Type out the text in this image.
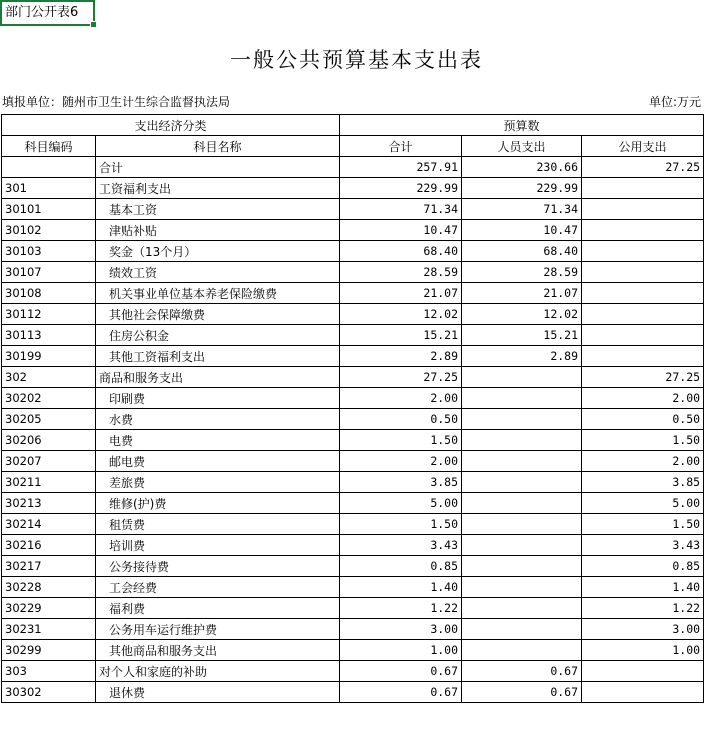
部门公开表6
一般公共预算基本支出表
填报单位：随州市卫生计生综合监督执法局	单位:万元
支出经济分类		预算数		
科目编码	科目名称	合计	人员支出	公用支出
	合计	257.91	230.66	27.25
301	工资福利支出	229.99	229.99	
30101	基本工资	71.34	71.34	
30102	津贴补贴	10.47	10.47	
30103	奖金（13个月）	68.40	68.40	
30107	绩效工资	28.59	28.59	
30108	机关事业单位基本养老保险缴费	21.07	21.07	
30112	其他社会保障缴费	12.02	12.02	
30113	住房公积金	15.21	15.21	
30199	其他工资福利支出	2.89	2.89	
302	商品和服务支出	27.25		27.25
30202	印刷费	2.00		2.00
30205	水费	0.50		0.50
30206	电费	1.50		1.50
30207	邮电费	2.00		2.00
30211	差旅费	3.85		3.85
30213	维修(护)费	5.00		5.00
30214	租赁费	1.50		1.50
30216	培训费	3.43		3.43
30217	公务接待费	0.85		0.85
30228	工会经费	1.40		1.40
30229	福利费	1.22		1.22
30231	公务用车运行维护费	3.00		3.00
30299	其他商品和服务支出	1.00		1.00
303	对个人和家庭的补助	0.67	0.67	
30302	退休费	0.67	0.67	
